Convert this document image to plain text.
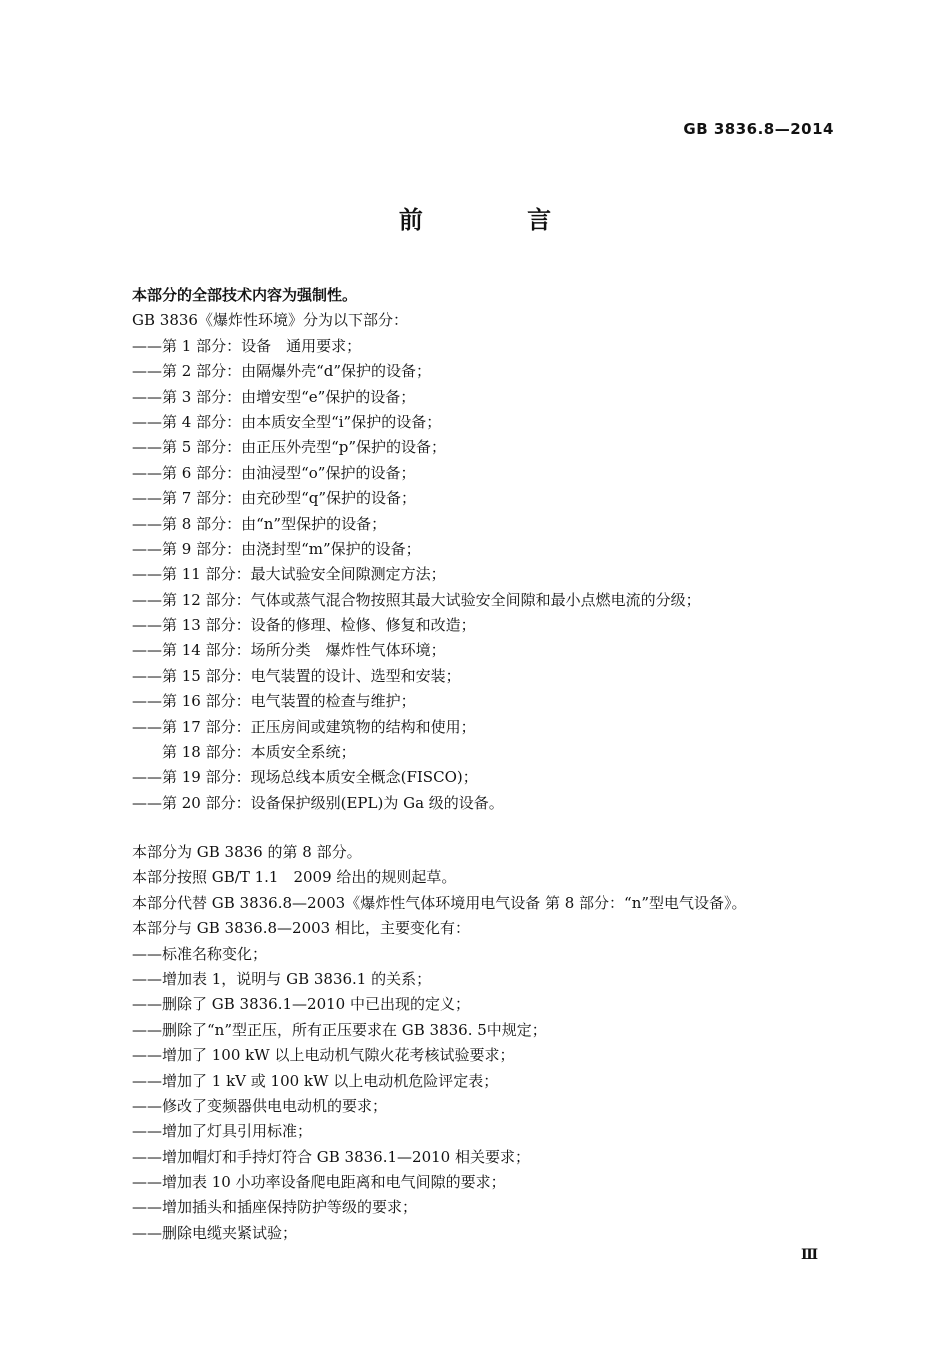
GB 3836.8—2014
前 言
本部分的全部技术内容为强制性。
GB 3836《爆炸性环境》分为以下部分：
——第 1 部分：设备　通用要求；
——第 2 部分：由隔爆外壳“d”保护的设备；
——第 3 部分：由增安型“e”保护的设备；
——第 4 部分：由本质安全型“i”保护的设备；
——第 5 部分：由正压外壳型“p”保护的设备；
——第 6 部分：由油浸型“o”保护的设备；
——第 7 部分：由充砂型“q”保护的设备；
——第 8 部分：由“n”型保护的设备；
——第 9 部分：由浇封型“m”保护的设备；
——第 11 部分：最大试验安全间隙测定方法；
——第 12 部分：气体或蒸气混合物按照其最大试验安全间隙和最小点燃电流的分级；
——第 13 部分：设备的修理、检修、修复和改造；
——第 14 部分：场所分类　爆炸性气体环境；
——第 15 部分：电气装置的设计、选型和安装；
——第 16 部分：电气装置的检查与维护；
——第 17 部分：正压房间或建筑物的结构和使用；
　　第 18 部分：本质安全系统；
——第 19 部分：现场总线本质安全概念(FISCO)；
——第 20 部分：设备保护级别(EPL)为 Ga 级的设备。
本部分为 GB 3836 的第 8 部分。
本部分按照 GB/T 1.1　2009 给出的规则起草。
本部分代替 GB 3836.8—2003《爆炸性气体环境用电气设备 第 8 部分：“n”型电气设备》。
本部分与 GB 3836.8—2003 相比，主要变化有：
——标准名称变化；
——增加表 1，说明与 GB 3836.1 的关系；
——删除了 GB 3836.1—2010 中已出现的定义；
——删除了“n”型正压，所有正压要求在 GB 3836. 5中规定；
——增加了 100 kW 以上电动机气隙火花考核试验要求；
——增加了 1 kV 或 100 kW 以上电动机危险评定表；
——修改了变频器供电电动机的要求；
——增加了灯具引用标准；
——增加帽灯和手持灯符合 GB 3836.1—2010 相关要求；
——增加表 10 小功率设备爬电距离和电气间隙的要求；
——增加插头和插座保持防护等级的要求；
——删除电缆夹紧试验；
Ⅲ
